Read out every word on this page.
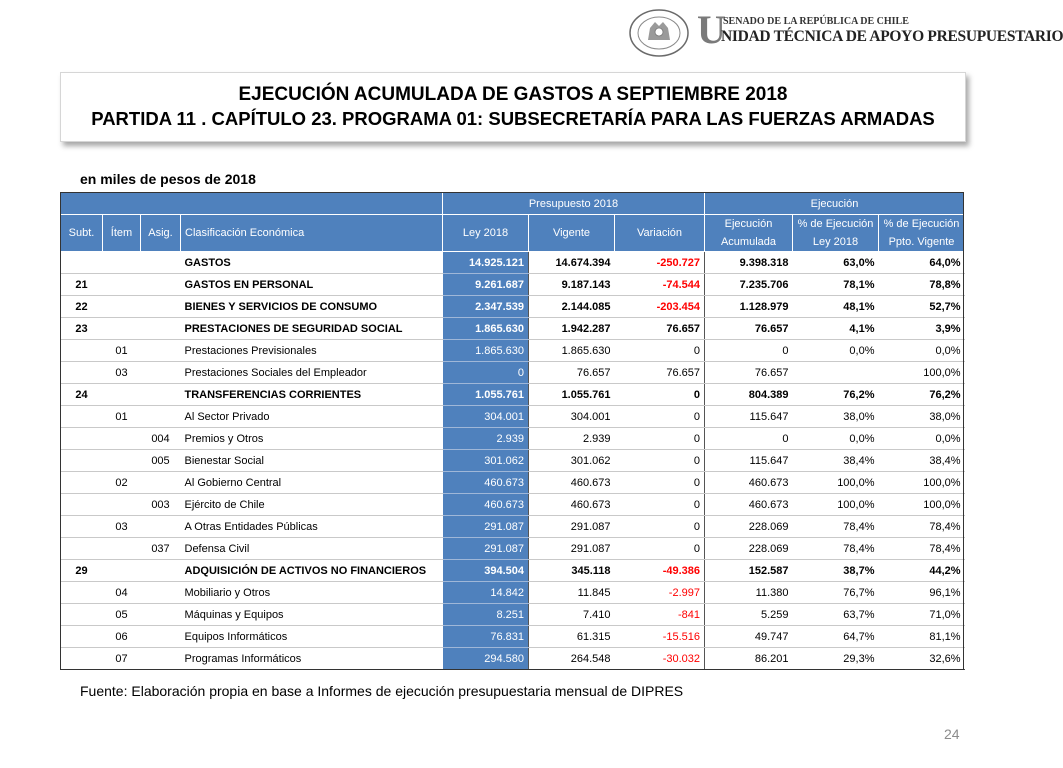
U
SENADO DE LA REPÚBLICA DE CHILE
NIDAD TÉCNICA DE APOYO PRESUPUESTARIO
EJECUCIÓN ACUMULADA DE GASTOS A SEPTIEMBRE 2018
PARTIDA 11 . CAPÍTULO 23. PROGRAMA 01: SUBSECRETARÍA PARA LAS FUERZAS ARMADAS
en miles de pesos de 2018
				Presupuesto 2018			Ejecución		
Subt.	Ítem	Asig.	Clasificación Económica	Ley 2018	Vigente	Variación	Ejecución	% de Ejecución	% de Ejecución
							Acumulada	Ley 2018	Ppto. Vigente
			GASTOS	14.925.121	14.674.394	-250.727	9.398.318	63,0%	64,0%
21			GASTOS EN PERSONAL	9.261.687	9.187.143	-74.544	7.235.706	78,1%	78,8%
22			BIENES Y SERVICIOS DE CONSUMO	2.347.539	2.144.085	-203.454	1.128.979	48,1%	52,7%
23			PRESTACIONES DE SEGURIDAD SOCIAL	1.865.630	1.942.287	76.657	76.657	4,1%	3,9%
	01		Prestaciones Previsionales	1.865.630	1.865.630	0	0	0,0%	0,0%
	03		Prestaciones Sociales del Empleador	0	76.657	76.657	76.657		100,0%
24			TRANSFERENCIAS CORRIENTES	1.055.761	1.055.761	0	804.389	76,2%	76,2%
	01		Al Sector Privado	304.001	304.001	0	115.647	38,0%	38,0%
		004	Premios y Otros	2.939	2.939	0	0	0,0%	0,0%
		005	Bienestar Social	301.062	301.062	0	115.647	38,4%	38,4%
	02		Al Gobierno Central	460.673	460.673	0	460.673	100,0%	100,0%
		003	Ejército de Chile	460.673	460.673	0	460.673	100,0%	100,0%
	03		A Otras Entidades Públicas	291.087	291.087	0	228.069	78,4%	78,4%
		037	Defensa Civil	291.087	291.087	0	228.069	78,4%	78,4%
29			ADQUISICIÓN DE ACTIVOS NO FINANCIEROS	394.504	345.118	-49.386	152.587	38,7%	44,2%
	04		Mobiliario y Otros	14.842	11.845	-2.997	11.380	76,7%	96,1%
	05		Máquinas y Equipos	8.251	7.410	-841	5.259	63,7%	71,0%
	06		Equipos Informáticos	76.831	61.315	-15.516	49.747	64,7%	81,1%
	07		Programas Informáticos	294.580	264.548	-30.032	86.201	29,3%	32,6%
Fuente: Elaboración propia en base a Informes de ejecución presupuestaria mensual de DIPRES
24
